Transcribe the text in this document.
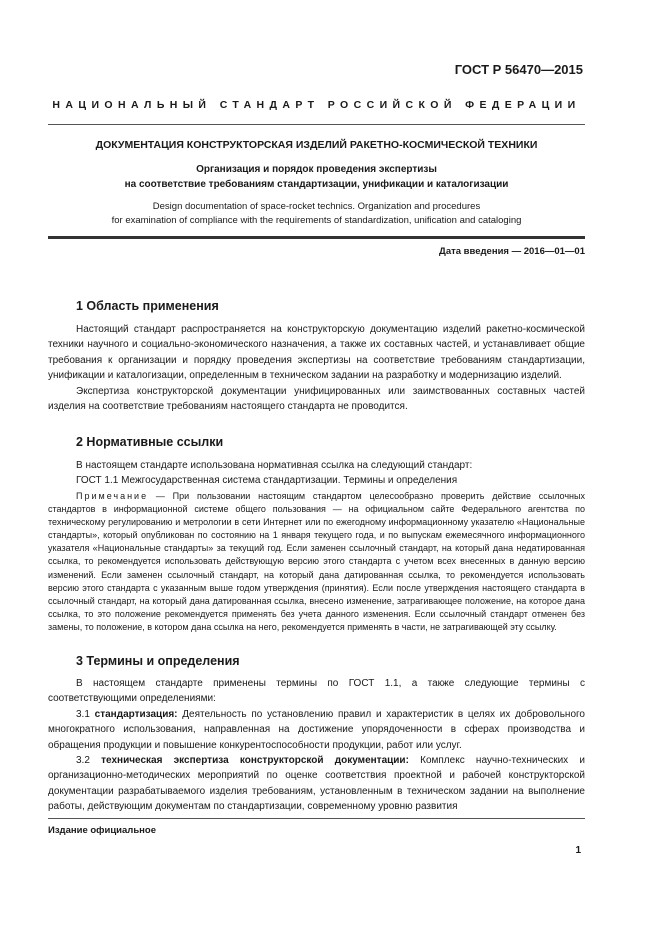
ГОСТ Р 56470—2015
НАЦИОНАЛЬНЫЙ СТАНДАРТ РОССИЙСКОЙ ФЕДЕРАЦИИ
ДОКУМЕНТАЦИЯ КОНСТРУКТОРСКАЯ ИЗДЕЛИЙ РАКЕТНО-КОСМИЧЕСКОЙ ТЕХНИКИ
Организация и порядок проведения экспертизы
на соответствие требованиям стандартизации, унификации и каталогизации
Design documentation of space-rocket technics. Organization and procedures
for examination of compliance with the requirements of standardization, unification and cataloging
Дата введения — 2016—01—01
1 Область применения

Настоящий стандарт распространяется на конструкторскую документацию изделий ракетно-космической техники научного и социально-экономического назначения, а также их составных частей, и устанавливает общие требования к организации и порядку проведения экспертизы на соответствие требованиям стандартизации, унификации и каталогизации, определенным в техническом задании на разработку и модернизацию изделий.

Экспертиза конструкторской документации унифицированных или заимствованных составных частей изделия на соответствие требованиям настоящего стандарта не проводится.

2 Нормативные ссылки

В настоящем стандарте использована нормативная ссылка на следующий стандарт:

ГОСТ 1.1 Межгосударственная система стандартизации. Термины и определения

Примечание — При пользовании настоящим стандартом целесообразно проверить действие ссылочных стандартов в информационной системе общего пользования — на официальном сайте Федерального агентства по техническому регулированию и метрологии в сети Интернет или по ежегодному информационному указателю «Национальные стандарты», который опубликован по состоянию на 1 января текущего года, и по выпускам ежемесячного информационного указателя «Национальные стандарты» за текущий год. Если заменен ссылочный стандарт, на который дана недатированная ссылка, то рекомендуется использовать действующую версию этого стандарта с учетом всех внесенных в данную версию изменений. Если заменен ссылочный стандарт, на который дана датированная ссылка, то рекомендуется использовать версию этого стандарта с указанным выше годом утверждения (принятия). Если после утверждения настоящего стандарта в ссылочный стандарт, на который дана датированная ссылка, внесено изменение, затрагивающее положение, на которое дана ссылка, то это положение рекомендуется применять без учета данного изменения. Если ссылочный стандарт отменен без замены, то положение, в котором дана ссылка на него, рекомендуется применять в части, не затрагивающей эту ссылку.

3 Термины и определения

В настоящем стандарте применены термины по ГОСТ 1.1, а также следующие термины с соответствующими определениями:

3.1 стандартизация: Деятельность по установлению правил и характеристик в целях их добровольного многократного использования, направленная на достижение упорядоченности в сферах производства и обращения продукции и повышение конкурентоспособности продукции, работ или услуг.

3.2 техническая экспертиза конструкторской документации: Комплекс научно-технических и организационно-методических мероприятий по оценке соответствия проектной и рабочей конструкторской документации разрабатываемого изделия требованиям, установленным в техническом задании на выполнение работы, действующим документам по стандартизации, современному уровню развития

Издание официальное
1
